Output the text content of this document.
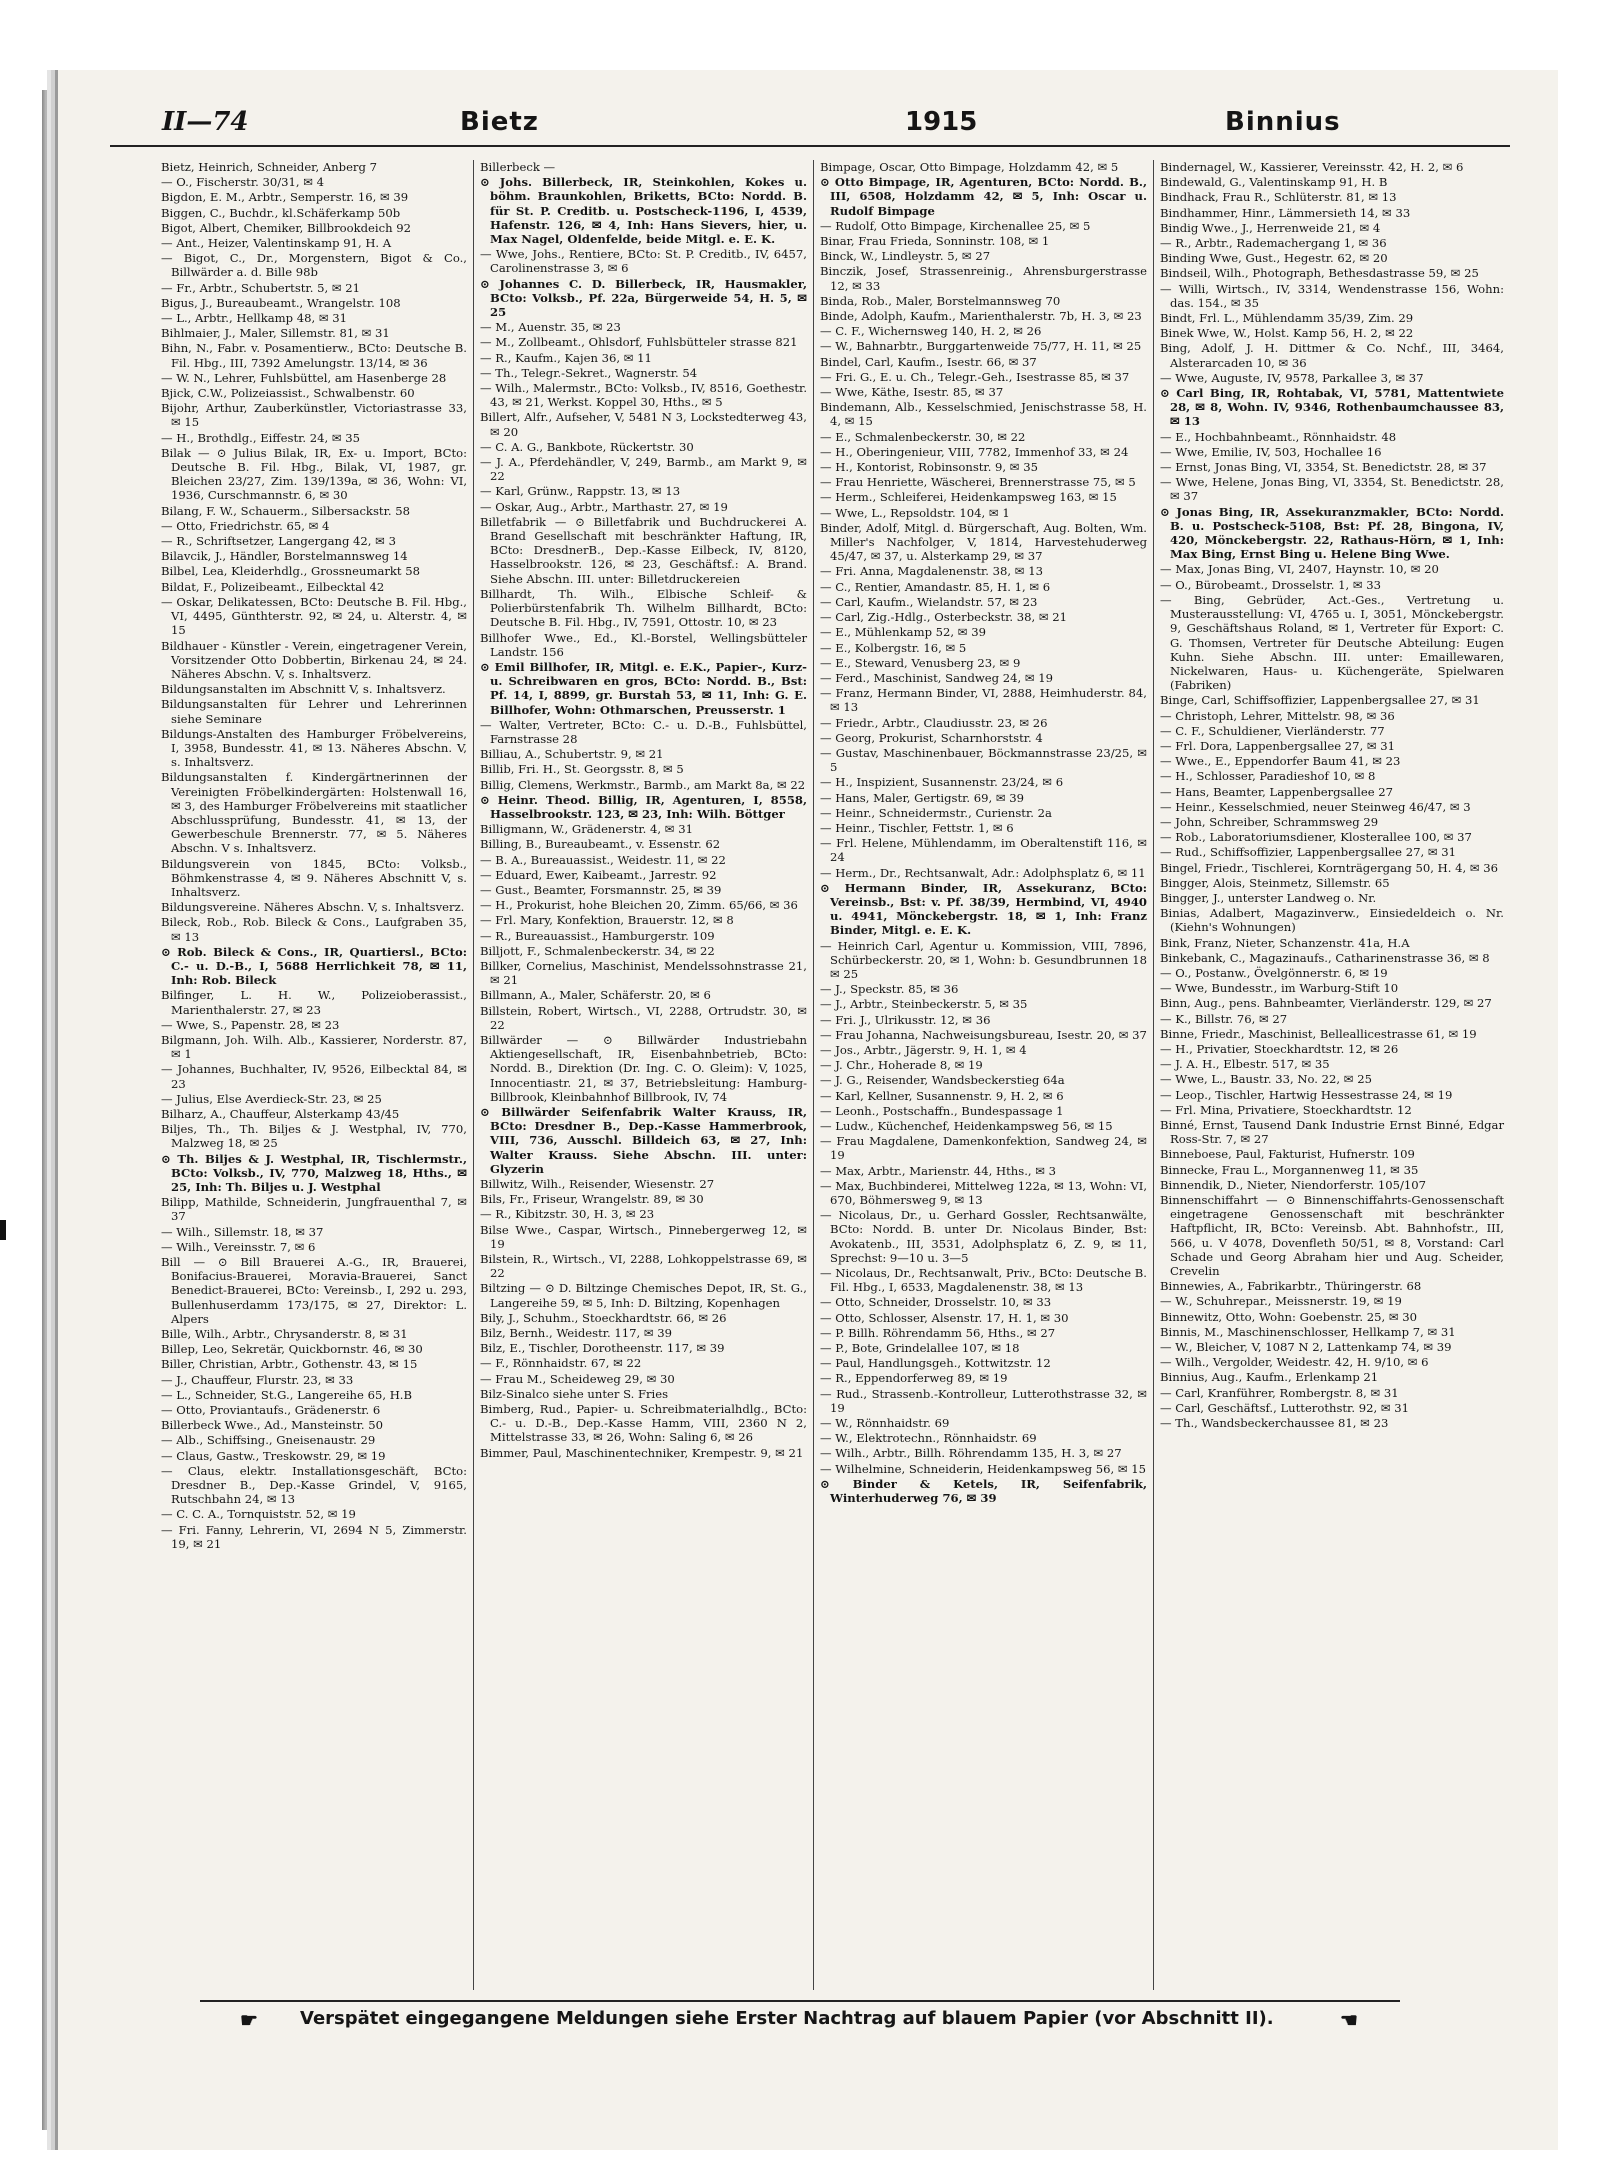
II—74	Bietz	1915	Binnius
Bietz, Heinrich, Schneider, Anberg 7
— O., Fischerstr. 30/31, ✉ 4
Bigdon, E. M., Arbtr., Semperstr. 16, ✉ 39
Biggen, C., Buchdr., kl.Schäferkamp 50b
Bigot, Albert, Chemiker, Billbrookdeich 92
— Ant., Heizer, Valentinskamp 91, H. A
— Bigot, C., Dr., Morgenstern, Bigot & Co., Billwärder a. d. Bille 98b
— Fr., Arbtr., Schubertstr. 5, ✉ 21
Bigus, J., Bureaubeamt., Wrangelstr. 108
— L., Arbtr., Hellkamp 48, ✉ 31
Bihlmaier, J., Maler, Sillemstr. 81, ✉ 31
Bihn, N., Fabr. v. Posamentierw., BCto: Deutsche B. Fil. Hbg., III, 7392 Amelungstr. 13/14, ✉ 36
— W. N., Lehrer, Fuhlsbüttel, am Hasenberge 28
Bjick, C.W., Polizeiassist., Schwalbenstr. 60
Bijohr, Arthur, Zauberkünstler, Victoriastrasse 33, ✉ 15
— H., Brothdlg., Eiffestr. 24, ✉ 35
Bilak — ⊙ Julius Bilak, IR, Ex- u. Import, BCto: Deutsche B. Fil. Hbg., Bilak, VI, 1987, gr. Bleichen 23/27, Zim. 139/139a, ✉ 36, Wohn: VI, 1936, Curschmannstr. 6, ✉ 30
Bilang, F. W., Schauerm., Silbersackstr. 58
— Otto, Friedrichstr. 65, ✉ 4
— R., Schriftsetzer, Langergang 42, ✉ 3
Bilavcik, J., Händler, Borstelmannsweg 14
Bilbel, Lea, Kleiderhdlg., Grossneumarkt 58
Bildat, F., Polizeibeamt., Eilbecktal 42
— Oskar, Delikatessen, BCto: Deutsche B. Fil. Hbg., VI, 4495, Günthterstr. 92, ✉ 24, u. Alterstr. 4, ✉ 15
Bildhauer - Künstler - Verein, eingetragener Verein, Vorsitzender Otto Dobbertin, Birkenau 24, ✉ 24. Näheres Abschn. V, s. Inhaltsverz.
Bildungsanstalten im Abschnitt V, s. Inhaltsverz.
Bildungsanstalten für Lehrer und Lehrerinnen siehe Seminare
Bildungs-Anstalten des Hamburger Fröbelvereins, I, 3958, Bundesstr. 41, ✉ 13. Näheres Abschn. V, s. Inhaltsverz.
Bildungsanstalten f. Kindergärtnerinnen der Vereinigten Fröbelkindergärten: Holstenwall 16, ✉ 3, des Hamburger Fröbelvereins mit staatlicher Abschlussprüfung, Bundesstr. 41, ✉ 13, der Gewerbeschule Brennerstr. 77, ✉ 5. Näheres Abschn. V s. Inhaltsverz.
Bildungsverein von 1845, BCto: Volksb., Böhmkenstrasse 4, ✉ 9. Näheres Abschnitt V, s. Inhaltsverz.
Bildungsvereine. Näheres Abschn. V, s. Inhaltsverz.
Bileck, Rob., Rob. Bileck & Cons., Laufgraben 35, ✉ 13
⊙ Rob. Bileck & Cons., IR, Quartiersl., BCto: C.- u. D.-B., I, 5688 Herrlichkeit 78, ✉ 11, Inh: Rob. Bileck
Bilfinger, L. H. W., Polizeioberassist., Marienthalerstr. 27, ✉ 23
— Wwe, S., Papenstr. 28, ✉ 23
Bilgmann, Joh. Wilh. Alb., Kassierer, Norderstr. 87, ✉ 1
— Johannes, Buchhalter, IV, 9526, Eilbecktal 84, ✉ 23
— Julius, Else Averdieck-Str. 23, ✉ 25
Bilharz, A., Chauffeur, Alsterkamp 43/45
Biljes, Th., Th. Biljes & J. Westphal, IV, 770, Malzweg 18, ✉ 25
⊙ Th. Biljes & J. Westphal, IR, Tischlermstr., BCto: Volksb., IV, 770, Malzweg 18, Hths., ✉ 25, Inh: Th. Biljes u. J. Westphal
Bilipp, Mathilde, Schneiderin, Jungfrauenthal 7, ✉ 37
— Wilh., Sillemstr. 18, ✉ 37
— Wilh., Vereinsstr. 7, ✉ 6
Bill — ⊙ Bill Brauerei A.-G., IR, Brauerei, Bonifacius-Brauerei, Moravia-Brauerei, Sanct Benedict-Brauerei, BCto: Vereinsb., I, 292 u. 293, Bullenhuserdamm 173/175, ✉ 27, Direktor: L. Alpers
Bille, Wilh., Arbtr., Chrysanderstr. 8, ✉ 31
Billep, Leo, Sekretär, Quickbornstr. 46, ✉ 30
Biller, Christian, Arbtr., Gothenstr. 43, ✉ 15
— J., Chauffeur, Flurstr. 23, ✉ 33
— L., Schneider, St.G., Langereihe 65, H.B
— Otto, Proviantaufs., Grädenerstr. 6
Billerbeck Wwe., Ad., Mansteinstr. 50
— Alb., Schiffsing., Gneisenaustr. 29
— Claus, Gastw., Treskowstr. 29, ✉ 19
— Claus, elektr. Installationsgeschäft, BCto: Dresdner B., Dep.-Kasse Grindel, V, 9165, Rutschbahn 24, ✉ 13
— C. C. A., Tornquiststr. 52, ✉ 19
— Fri. Fanny, Lehrerin, VI, 2694 N 5, Zimmerstr. 19, ✉ 21
Billerbeck —
⊙ Johs. Billerbeck, IR, Steinkohlen, Kokes u. böhm. Braunkohlen, Briketts, BCto: Nordd. B. für St. P. Creditb. u. Postscheck-1196, I, 4539, Hafenstr. 126, ✉ 4, Inh: Hans Sievers, hier, u. Max Nagel, Oldenfelde, beide Mitgl. e. E. K.
— Wwe, Johs., Rentiere, BCto: St. P. Creditb., IV, 6457, Carolinenstrasse 3, ✉ 6
⊙ Johannes C. D. Billerbeck, IR, Hausmakler, BCto: Volksb., Pf. 22a, Bürgerweide 54, H. 5, ✉ 25
— M., Auenstr. 35, ✉ 23
— M., Zollbeamt., Ohlsdorf, Fuhlsbütteler strasse 821
— R., Kaufm., Kajen 36, ✉ 11
— Th., Telegr.-Sekret., Wagnerstr. 54
— Wilh., Malermstr., BCto: Volksb., IV, 8516, Goethestr. 43, ✉ 21, Werkst. Koppel 30, Hths., ✉ 5
Billert, Alfr., Aufseher, V, 5481 N 3, Lockstedterweg 43, ✉ 20
— C. A. G., Bankbote, Rückertstr. 30
— J. A., Pferdehändler, V, 249, Barmb., am Markt 9, ✉ 22
— Karl, Grünw., Rappstr. 13, ✉ 13
— Oskar, Aug., Arbtr., Marthastr. 27, ✉ 19
Billetfabrik — ⊙ Billetfabrik und Buchdruckerei A. Brand Gesellschaft mit beschränkter Haftung, IR, BCto: DresdnerB., Dep.-Kasse Eilbeck, IV, 8120, Hasselbrookstr. 126, ✉ 23, Geschäftsf.: A. Brand. Siehe Abschn. III. unter: Billetdruckereien
Billhardt, Th. Wilh., Elbische Schleif- & Polierbürstenfabrik Th. Wilhelm Billhardt, BCto: Deutsche B. Fil. Hbg., IV, 7591, Ottostr. 10, ✉ 23
Billhofer Wwe., Ed., Kl.-Borstel, Wellingsbütteler Landstr. 156
⊙ Emil Billhofer, IR, Mitgl. e. E.K., Papier-, Kurz- u. Schreibwaren en gros, BCto: Nordd. B., Bst: Pf. 14, I, 8899, gr. Burstah 53, ✉ 11, Inh: G. E. Billhofer, Wohn: Othmarschen, Preusserstr. 1
— Walter, Vertreter, BCto: C.- u. D.-B., Fuhlsbüttel, Farnstrasse 28
Billiau, A., Schubertstr. 9, ✉ 21
Billib, Fri. H., St. Georgsstr. 8, ✉ 5
Billig, Clemens, Werkmstr., Barmb., am Markt 8a, ✉ 22
⊙ Heinr. Theod. Billig, IR, Agenturen, I, 8558, Hasselbrookstr. 123, ✉ 23, Inh: Wilh. Böttger
Billigmann, W., Grädenerstr. 4, ✉ 31
Billing, B., Bureaubeamt., v. Essenstr. 62
— B. A., Bureauassist., Weidestr. 11, ✉ 22
— Eduard, Ewer, Kaibeamt., Jarrestr. 92
— Gust., Beamter, Forsmannstr. 25, ✉ 39
— H., Prokurist, hohe Bleichen 20, Zimm. 65/66, ✉ 36
— Frl. Mary, Konfektion, Brauerstr. 12, ✉ 8
— R., Bureauassist., Hamburgerstr. 109
Billjott, F., Schmalenbeckerstr. 34, ✉ 22
Billker, Cornelius, Maschinist, Mendelssohnstrasse 21, ✉ 21
Billmann, A., Maler, Schäferstr. 20, ✉ 6
Billstein, Robert, Wirtsch., VI, 2288, Ortrudstr. 30, ✉ 22
Billwärder — ⊙ Billwärder Industriebahn Aktiengesellschaft, IR, Eisenbahnbetrieb, BCto: Nordd. B., Direktion (Dr. Ing. C. O. Gleim): V, 1025, Innocentiastr. 21, ✉ 37, Betriebsleitung: Hamburg-Billbrook, Kleinbahnhof Billbrook, IV, 74
⊙ Billwärder Seifenfabrik Walter Krauss, IR, BCto: Dresdner B., Dep.-Kasse Hammerbrook, VIII, 736, Ausschl. Billdeich 63, ✉ 27, Inh: Walter Krauss. Siehe Abschn. III. unter: Glyzerin
Billwitz, Wilh., Reisender, Wiesenstr. 27
Bils, Fr., Friseur, Wrangelstr. 89, ✉ 30
— R., Kibitzstr. 30, H. 3, ✉ 23
Bilse Wwe., Caspar, Wirtsch., Pinnebergerweg 12, ✉ 19
Bilstein, R., Wirtsch., VI, 2288, Lohkoppelstrasse 69, ✉ 22
Biltzing — ⊙ D. Biltzinge Chemisches Depot, IR, St. G., Langereihe 59, ✉ 5, Inh: D. Biltzing, Kopenhagen
Bily, J., Schuhm., Stoeckhardtstr. 66, ✉ 26
Bilz, Bernh., Weidestr. 117, ✉ 39
Bilz, E., Tischler, Dorotheenstr. 117, ✉ 39
— F., Rönnhaidstr. 67, ✉ 22
— Frau M., Scheideweg 29, ✉ 30
Bilz-Sinalco siehe unter S. Fries
Bimberg, Rud., Papier- u. Schreibmaterialhdlg., BCto: C.- u. D.-B., Dep.-Kasse Hamm, VIII, 2360 N 2, Mittelstrasse 33, ✉ 26, Wohn: Saling 6, ✉ 26
Bimmer, Paul, Maschinentechniker, Krempestr. 9, ✉ 21
Bimpage, Oscar, Otto Bimpage, Holzdamm 42, ✉ 5
⊙ Otto Bimpage, IR, Agenturen, BCto: Nordd. B., III, 6508, Holzdamm 42, ✉ 5, Inh: Oscar u. Rudolf Bimpage
— Rudolf, Otto Bimpage, Kirchenallee 25, ✉ 5
Binar, Frau Frieda, Sonninstr. 108, ✉ 1
Binck, W., Lindleystr. 5, ✉ 27
Binczik, Josef, Strassenreinig., Ahrensburgerstrasse 12, ✉ 33
Binda, Rob., Maler, Borstelmannsweg 70
Binde, Adolph, Kaufm., Marienthalerstr. 7b, H. 3, ✉ 23
— C. F., Wichernsweg 140, H. 2, ✉ 26
— W., Bahnarbtr., Burggartenweide 75/77, H. 11, ✉ 25
Bindel, Carl, Kaufm., Isestr. 66, ✉ 37
— Fri. G., E. u. Ch., Telegr.-Geh., Isestrasse 85, ✉ 37
— Wwe, Käthe, Isestr. 85, ✉ 37
Bindemann, Alb., Kesselschmied, Jenischstrasse 58, H. 4, ✉ 15
— E., Schmalenbeckerstr. 30, ✉ 22
— H., Oberingenieur, VIII, 7782, Immenhof 33, ✉ 24
— H., Kontorist, Robinsonstr. 9, ✉ 35
— Frau Henriette, Wäscherei, Brennerstrasse 75, ✉ 5
— Herm., Schleiferei, Heidenkampsweg 163, ✉ 15
— Wwe, L., Repsoldstr. 104, ✉ 1
Binder, Adolf, Mitgl. d. Bürgerschaft, Aug. Bolten, Wm. Miller's Nachfolger, V, 1814, Harvestehuderweg 45/47, ✉ 37, u. Alsterkamp 29, ✉ 37
— Fri. Anna, Magdalenenstr. 38, ✉ 13
— C., Rentier, Amandastr. 85, H. 1, ✉ 6
— Carl, Kaufm., Wielandstr. 57, ✉ 23
— Carl, Zig.-Hdlg., Osterbeckstr. 38, ✉ 21
— E., Mühlenkamp 52, ✉ 39
— E., Kolbergstr. 16, ✉ 5
— E., Steward, Venusberg 23, ✉ 9
— Ferd., Maschinist, Sandweg 24, ✉ 19
— Franz, Hermann Binder, VI, 2888, Heimhuderstr. 84, ✉ 13
— Friedr., Arbtr., Claudiusstr. 23, ✉ 26
— Georg, Prokurist, Scharnhorststr. 4
— Gustav, Maschinenbauer, Böckmannstrasse 23/25, ✉ 5
— H., Inspizient, Susannenstr. 23/24, ✉ 6
— Hans, Maler, Gertigstr. 69, ✉ 39
— Heinr., Schneidermstr., Curienstr. 2a
— Heinr., Tischler, Fettstr. 1, ✉ 6
— Frl. Helene, Mühlendamm, im Oberaltenstift 116, ✉ 24
— Herm., Dr., Rechtsanwalt, Adr.: Adolphsplatz 6, ✉ 11
⊙ Hermann Binder, IR, Assekuranz, BCto: Vereinsb., Bst: v. Pf. 38/39, Hermbind, VI, 4940 u. 4941, Mönckebergstr. 18, ✉ 1, Inh: Franz Binder, Mitgl. e. E. K.
— Heinrich Carl, Agentur u. Kommission, VIII, 7896, Schürbeckerstr. 20, ✉ 1, Wohn: b. Gesundbrunnen 18 ✉ 25
— J., Speckstr. 85, ✉ 36
— J., Arbtr., Steinbeckerstr. 5, ✉ 35
— Fri. J., Ulrikusstr. 12, ✉ 36
— Frau Johanna, Nachweisungsbureau, Isestr. 20, ✉ 37
— Jos., Arbtr., Jägerstr. 9, H. 1, ✉ 4
— J. Chr., Hoherade 8, ✉ 19
— J. G., Reisender, Wandsbeckerstieg 64a
— Karl, Kellner, Susannenstr. 9, H. 2, ✉ 6
— Leonh., Postschaffn., Bundespassage 1
— Ludw., Küchenchef, Heidenkampsweg 56, ✉ 15
— Frau Magdalene, Damenkonfektion, Sandweg 24, ✉ 19
— Max, Arbtr., Marienstr. 44, Hths., ✉ 3
— Max, Buchbinderei, Mittelweg 122a, ✉ 13, Wohn: VI, 670, Böhmersweg 9, ✉ 13
— Nicolaus, Dr., u. Gerhard Gossler, Rechtsanwälte, BCto: Nordd. B. unter Dr. Nicolaus Binder, Bst: Avokatenb., III, 3531, Adolphsplatz 6, Z. 9, ✉ 11, Sprechst: 9—10 u. 3—5
— Nicolaus, Dr., Rechtsanwalt, Priv., BCto: Deutsche B. Fil. Hbg., I, 6533, Magdalenenstr. 38, ✉ 13
— Otto, Schneider, Drosselstr. 10, ✉ 33
— Otto, Schlosser, Alsenstr. 17, H. 1, ✉ 30
— P. Billh. Röhrendamm 56, Hths., ✉ 27
— P., Bote, Grindelallee 107, ✉ 18
— Paul, Handlungsgeh., Kottwitzstr. 12
— R., Eppendorferweg 89, ✉ 19
— Rud., Strassenb.-Kontrolleur, Lutterothstrasse 32, ✉ 19
— W., Rönnhaidstr. 69
— W., Elektrotechn., Rönnhaidstr. 69
— Wilh., Arbtr., Billh. Röhrendamm 135, H. 3, ✉ 27
— Wilhelmine, Schneiderin, Heidenkampsweg 56, ✉ 15
⊙ Binder & Ketels, IR, Seifenfabrik, Winterhuderweg 76, ✉ 39
Bindernagel, W., Kassierer, Vereinsstr. 42, H. 2, ✉ 6
Bindewald, G., Valentinskamp 91, H. B
Bindhack, Frau R., Schlüterstr. 81, ✉ 13
Bindhammer, Hinr., Lämmersieth 14, ✉ 33
Bindig Wwe., J., Herrenweide 21, ✉ 4
— R., Arbtr., Rademachergang 1, ✉ 36
Binding Wwe, Gust., Hegestr. 62, ✉ 20
Bindseil, Wilh., Photograph, Bethesdastrasse 59, ✉ 25
— Willi, Wirtsch., IV, 3314, Wendenstrasse 156, Wohn: das. 154., ✉ 35
Bindt, Frl. L., Mühlendamm 35/39, Zim. 29
Binek Wwe, W., Holst. Kamp 56, H. 2, ✉ 22
Bing, Adolf, J. H. Dittmer & Co. Nchf., III, 3464, Alsterarcaden 10, ✉ 36
— Wwe, Auguste, IV, 9578, Parkallee 3, ✉ 37
⊙ Carl Bing, IR, Rohtabak, VI, 5781, Mattentwiete 28, ✉ 8, Wohn. IV, 9346, Rothenbaumchaussee 83, ✉ 13
— E., Hochbahnbeamt., Rönnhaidstr. 48
— Wwe, Emilie, IV, 503, Hochallee 16
— Ernst, Jonas Bing, VI, 3354, St. Benedictstr. 28, ✉ 37
— Wwe, Helene, Jonas Bing, VI, 3354, St. Benedictstr. 28, ✉ 37
⊙ Jonas Bing, IR, Assekuranzmakler, BCto: Nordd. B. u. Postscheck-5108, Bst: Pf. 28, Bingona, IV, 420, Mönckebergstr. 22, Rathaus-Hörn, ✉ 1, Inh: Max Bing, Ernst Bing u. Helene Bing Wwe.
— Max, Jonas Bing, VI, 2407, Haynstr. 10, ✉ 20
— O., Bürobeamt., Drosselstr. 1, ✉ 33
— Bing, Gebrüder, Act.-Ges., Vertretung u. Musterausstellung: VI, 4765 u. I, 3051, Mönckebergstr. 9, Geschäftshaus Roland, ✉ 1, Vertreter für Export: C. G. Thomsen, Vertreter für Deutsche Abteilung: Eugen Kuhn. Siehe Abschn. III. unter: Emaillewaren, Nickelwaren, Haus- u. Küchengeräte, Spielwaren (Fabriken)
Binge, Carl, Schiffsoffizier, Lappenbergsallee 27, ✉ 31
— Christoph, Lehrer, Mittelstr. 98, ✉ 36
— C. F., Schuldiener, Vierländerstr. 77
— Frl. Dora, Lappenbergsallee 27, ✉ 31
— Wwe., E., Eppendorfer Baum 41, ✉ 23
— H., Schlosser, Paradieshof 10, ✉ 8
— Hans, Beamter, Lappenbergsallee 27
— Heinr., Kesselschmied, neuer Steinweg 46/47, ✉ 3
— John, Schreiber, Schrammsweg 29
— Rob., Laboratoriumsdiener, Klosterallee 100, ✉ 37
— Rud., Schiffsoffizier, Lappenbergsallee 27, ✉ 31
Bingel, Friedr., Tischlerei, Kornträgergang 50, H. 4, ✉ 36
Bingger, Alois, Steinmetz, Sillemstr. 65
Bingger, J., unterster Landweg o. Nr.
Binias, Adalbert, Magazinverw., Einsiedeldeich o. Nr. (Kiehn's Wohnungen)
Bink, Franz, Nieter, Schanzenstr. 41a, H.A
Binkebank, C., Magazinaufs., Catharinenstrasse 36, ✉ 8
— O., Postanw., Övelgönnerstr. 6, ✉ 19
— Wwe, Bundesstr., im Warburg-Stift 10
Binn, Aug., pens. Bahnbeamter, Vierländerstr. 129, ✉ 27
— K., Billstr. 76, ✉ 27
Binne, Friedr., Maschinist, Belleallicestrasse 61, ✉ 19
— H., Privatier, Stoeckhardtstr. 12, ✉ 26
— J. A. H., Elbestr. 517, ✉ 35
— Wwe, L., Baustr. 33, No. 22, ✉ 25
— Leop., Tischler, Hartwig Hessestrasse 24, ✉ 19
— Frl. Mina, Privatiere, Stoeckhardtstr. 12
Binné, Ernst, Tausend Dank Industrie Ernst Binné, Edgar Ross-Str. 7, ✉ 27
Binneboese, Paul, Fakturist, Hufnerstr. 109
Binnecke, Frau L., Morgannenweg 11, ✉ 35
Binnendik, D., Nieter, Niendorferstr. 105/107
Binnenschiffahrt — ⊙ Binnenschiffahrts-Genossenschaft eingetragene Genossenschaft mit beschränkter Haftpflicht, IR, BCto: Vereinsb. Abt. Bahnhofstr., III, 566, u. V 4078, Dovenfleth 50/51, ✉ 8, Vorstand: Carl Schade und Georg Abraham hier und Aug. Scheider, Crevelin
Binnewies, A., Fabrikarbtr., Thüringerstr. 68
— W., Schuhrepar., Meissnerstr. 19, ✉ 19
Binnewitz, Otto, Wohn: Goebenstr. 25, ✉ 30
Binnis, M., Maschinenschlosser, Hellkamp 7, ✉ 31
— W., Bleicher, V, 1087 N 2, Lattenkamp 74, ✉ 39
— Wilh., Vergolder, Weidestr. 42, H. 9/10, ✉ 6
Binnius, Aug., Kaufm., Erlenkamp 21
— Carl, Kranführer, Rombergstr. 8, ✉ 31
— Carl, Geschäftsf., Lutterothstr. 92, ✉ 31
— Th., Wandsbeckerchaussee 81, ✉ 23
☛ Verspätet eingegangene Meldungen siehe Erster Nachtrag auf blauem Papier (vor Abschnitt II).	☚
